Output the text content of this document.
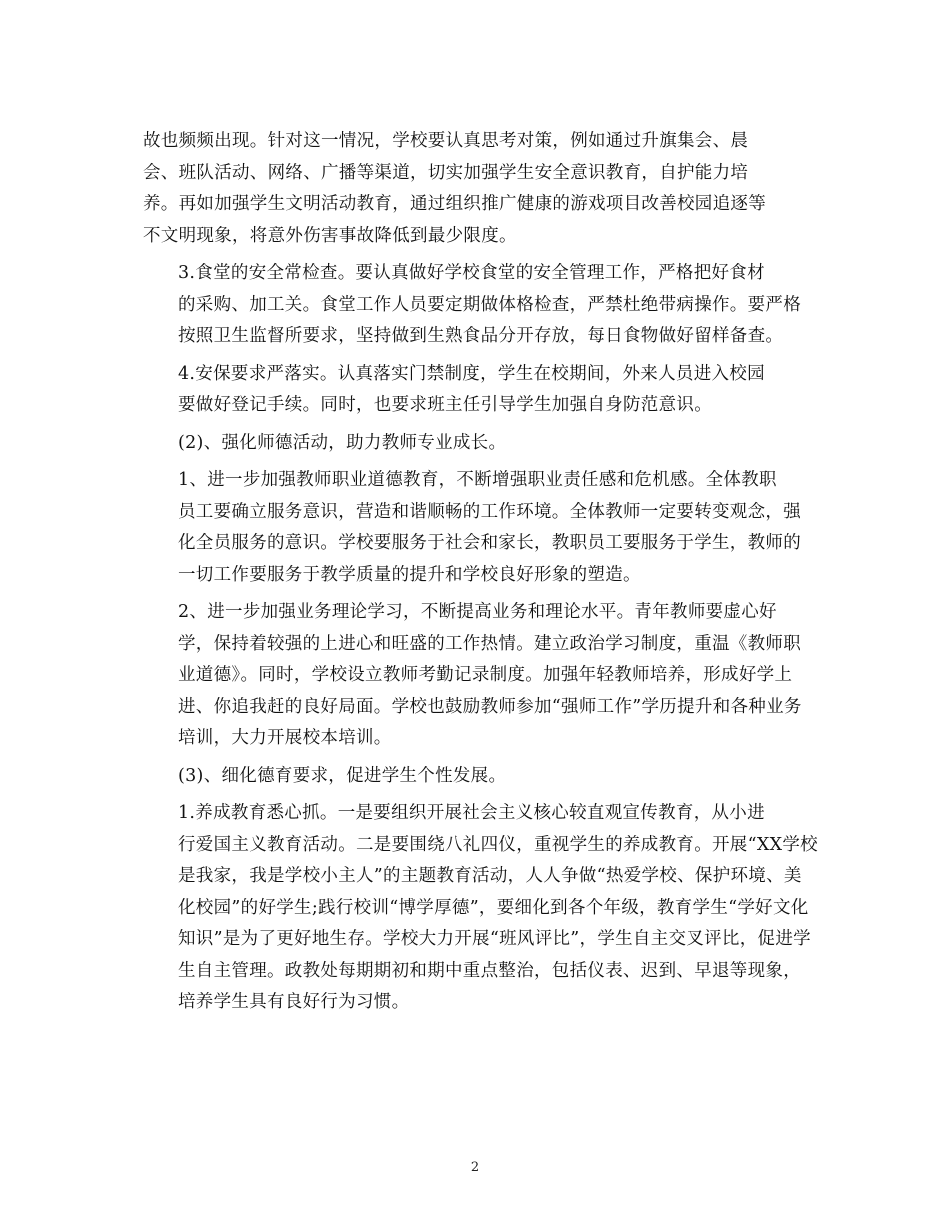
故也频频出现。针对这一情况，学校要认真思考对策，例如通过升旗集会、晨
会、班队活动、网络、广播等渠道，切实加强学生安全意识教育，自护能力培
养。再如加强学生文明活动教育，通过组织推广健康的游戏项目改善校园追逐等
不文明现象，将意外伤害事故降低到最少限度。

3.食堂的安全常检查。要认真做好学校食堂的安全管理工作，严格把好食材
的采购、加工关。食堂工作人员要定期做体格检查，严禁杜绝带病操作。要严格
按照卫生监督所要求，坚持做到生熟食品分开存放，每日食物做好留样备查。

4.安保要求严落实。认真落实门禁制度，学生在校期间，外来人员进入校园
要做好登记手续。同时，也要求班主任引导学生加强自身防范意识。

(2)、强化师德活动，助力教师专业成长。

1、进一步加强教师职业道德教育，不断增强职业责任感和危机感。全体教职
员工要确立服务意识，营造和谐顺畅的工作环境。全体教师一定要转变观念，强
化全员服务的意识。学校要服务于社会和家长，教职员工要服务于学生，教师的
一切工作要服务于教学质量的提升和学校良好形象的塑造。

2、进一步加强业务理论学习，不断提高业务和理论水平。青年教师要虚心好
学，保持着较强的上进心和旺盛的工作热情。建立政治学习制度，重温《教师职
业道德》。同时，学校设立教师考勤记录制度。加强年轻教师培养，形成好学上
进、你追我赶的良好局面。学校也鼓励教师参加“强师工作”学历提升和各种业务
培训，大力开展校本培训。

(3)、细化德育要求，促进学生个性发展。

1.养成教育悉心抓。一是要组织开展社会主义核心较直观宣传教育，从小进
行爱国主义教育活动。二是要围绕八礼四仪，重视学生的养成教育。开展“XX学校
是我家，我是学校小主人”的主题教育活动，人人争做“热爱学校、保护环境、美
化校园”的好学生;践行校训“博学厚德”，要细化到各个年级，教育学生“学好文化
知识”是为了更好地生存。学校大力开展“班风评比”，学生自主交叉评比，促进学
生自主管理。政教处每期期初和期中重点整治，包括仪表、迟到、早退等现象，
培养学生具有良好行为习惯。

2
